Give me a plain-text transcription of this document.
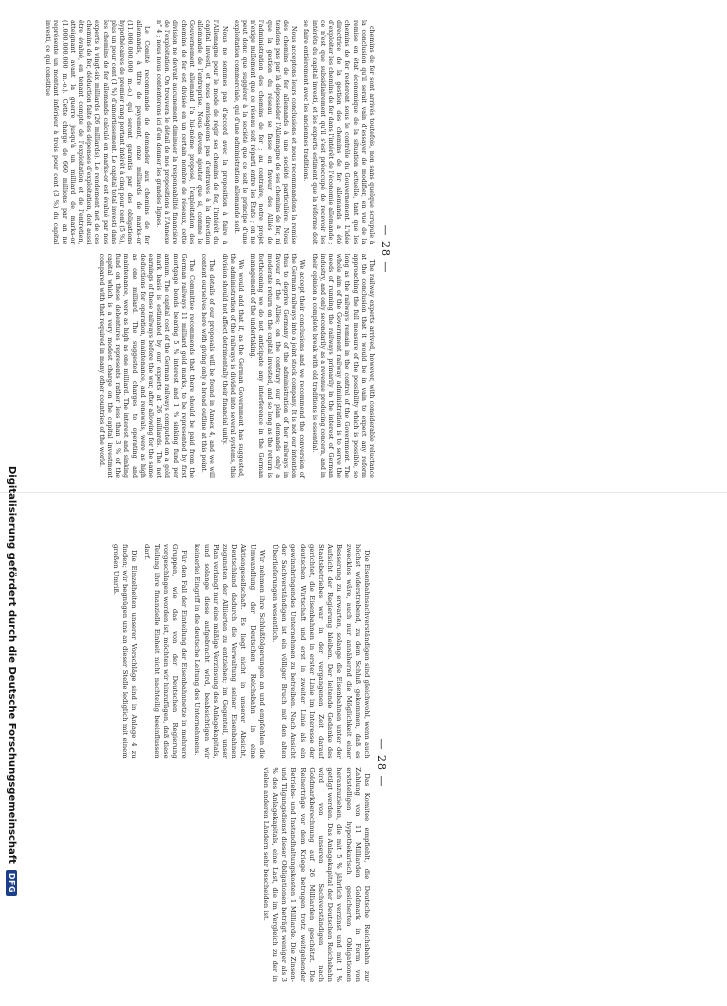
— 28 —

chemins de fer sont arrivés toutefois, non sans quelque scrupule à la conclusion qu'il serait vain d'essayer de modifier, en vue de la remise en état économique de la situation actuelle, tant que les chemins de fer resteront sous le contrôle du Gouvernement. L'idée directrice de la gestion des chemins de fer allemands a été d'exploiter les chemins de fer dans l'intérêt de l'économie allemande ; ce n'est que subsidiairement qu'il s'est préoccupé de recevoir les intérêts du capital investi, et les experts estiment que la réforme doit se faire entièrement avec les anciennes traditions.

Nous acceptons leurs conclusions et nous recommandons la remise des chemins de fer allemands à une société particulière. Nous tendons pas par là dépossèder l'Allemagne de ses chemins de fer, ni que la gestion du réseau se fasse en faveur des Alliés de l'administration des chemins de fer ; au contraire, notre projet n'exige nullement que ce réseau soit réparti entre les États ; on ne peut donc que suggérer à la société que ce soit le principe d'une exploitation commerciale, qui d'une administration allemande soit.

Nous ne sommes pas d'accord avec la proposition à faire à l'Allemagne pour le mode de régir ses chemins de fer, l'intérêt du capital investi, et nous envisageons pas d'entraves à la direction allemande de l'entreprise. Nous devons ajouter que si, comme le Gouvernement allemand l'a lui-même proposé, l'exploitation des chemins de fer est divisée en un certain nombre de réseaux, cette division ne devrait aucunement diminuer la responsabilité financière de l'exploitation. On trouvera le détail de nos propositions à l'Annexe n° 4 ; nous nous contenterons ici d'en donner les grandes lignes.

Le Comité recommande de demander aux chemins de fer allemands, à titre de payement, onze milliards de marks-or (11.000.000.000 m.-o.) qui seront garantis par des obligations hypothécaires de premier rang portant intérêt à cinq pour cent (5 %), plus un pour cent (1 %) d'amortissement. Le capital total investi dans les chemins de fer allemands calculé en marks-or est évalué par nos experts à vingt-six milliards (26 milliards). Le rendement net de ces chemins de fer, déduction faite des dépenses d'exploitation, doit aussi être évalué, en tenant compte de l'exploitation et de l'entretien, atteignant avant la guerre jusqu'à un milliard de marks-or (1.000.000.000 m.-o.). Cette charge de 660 millions par an ne représente un montant inférieur à trois pour cent (3 %) du capital investi, ce qui constitue

The railway experts arrived, however, with considerable reluctance at the conclusion that it would be in vain to expect any reform approaching the full measure of the possibility which is possible, so long as the railways remain in the control of the Government. The whole aim of the Government railway administration is to serve the needs of running the railways primarily in the interest of German industry, and only secondarily as a revenue producing concern, and in their opinion a complete break with old traditions is essential.

We accept their conclusions and we recommend the conversion of the German railways into a joint stock company. It is not our intention thus to deprive Germany of the administration of her railways in favour of the Allies; on the contrary our plan demands only a moderate return on the capital invested, and so long as the return is forthcoming we do not anticipate any interference in the German management of the undertaking.

We would add that if, as the German Government has suggested, the administration of the railways is divided into several systems, this division should not affect detrimentally their financial unity.

The details of our proposals will be found in Annex 4, and we will content ourselves here with giving only a broad outline at this point.

The Committee recommends that there should be paid from the German railways 11 milliard gold marks, to be represented by first mortgage bonds bearing 5 % interest and 1 % sinking fund per annum. The capital cost of the German railways computed on a gold mark basis is estimated by our experts at 26 milliards. The net earnings of these railways before the war, after allowing for the same deductions for operation, maintenance, and renewals, were as high as one milliard. The suggested charges to operating and maintenance, were as high as one milliard. The interest and sinking fund on these debentures represents rather less than 3 % of the capital which is a very modest charge on the capital investment compared with that required in many other countries of the world.

— 28 —

Die Eisenbahnsachverständigen sind gleichwohl, wenn auch höchst widerstrebend, zu dem Schluß gekommen, daß es zwecklos wäre, auch nur annähernd die Möglichkeit einer Besserung zu erwarten, solange die Eisenbahnen unter der Aufsicht der Regierung bleiben. Der leitende Gedanke des Staatsbetriebes war in der vergangenen Zeit darauf gerichtet, die Eisenbahnen in erster Linie im Interesse der deutschen Wirtschaft und erst in zweiter Linie als ein gewinnbringendes Unternehmen zu betreiben. Nach Ansicht der Sachverständigen ist ein völliger Bruch mit den alten Überlieferungen wesentlich.

Wir nehmen ihre Schlußfolgerungen an und empfehlen die Umwandlung der Deutschen Reichsbahn in eine Aktiengesellschaft. Es liegt nicht in unserer Absicht, Deutschland dadurch die Verwaltung seiner Eisenbahnen zugunsten der Alliierten zu entziehen; im Gegenteil, unser Plan verlangt nur eine mäßige Verzinsung des Anlagekapitals, und solange diese aufgebracht wird, beabsichtigen wir keinerlei Eingriff in die deutsche Leitung des Unternehmens.

Für den Fall der Einteilung der Eisenbahnnetze in mehrere Gruppen, wie das von der Deutschen Regierung vorgeschlagen worden ist, möchten wir hinzufügen, daß diese Teilung ihre finanzielle Einheit nicht nachteilig beeinflussen darf.

Die Einzelheiten unserer Vorschläge sind in Anlage 4 zu finden; wir begnügen uns an dieser Stelle lediglich mit einem großen Umriß.

Das Komitee empfiehlt, die Deutsche Reichsbahn zur Zahlung von 11 Milliarden Goldmark in Form von erststelligen hypothekarisch gesicherten Obligationen heranzuziehen, die mit 5 % jährlich verzinst und mit 1 % getilgt werden. Das Anlagekapital der Deutschen Reichsbahn wird von unseren Sachverständigen nach Goldmarkberechnung auf 26 Milliarden geschätzt. Die Reinerträge vor dem Kriege betrugen trotz weitgehender Betriebs- und Instandhaltungskosten 1 Milliarde. Die Zinsen- und Tilgungsdienst dieser Obligationen beträgt weniger als 3 % des Anlagekapitals, eine Last, die im Vergleich zu der in vielen anderen Ländern sehr bescheiden ist.

Digitalisierung gefördert durch die Deutsche Forschungsgemeinschaft
DFG
